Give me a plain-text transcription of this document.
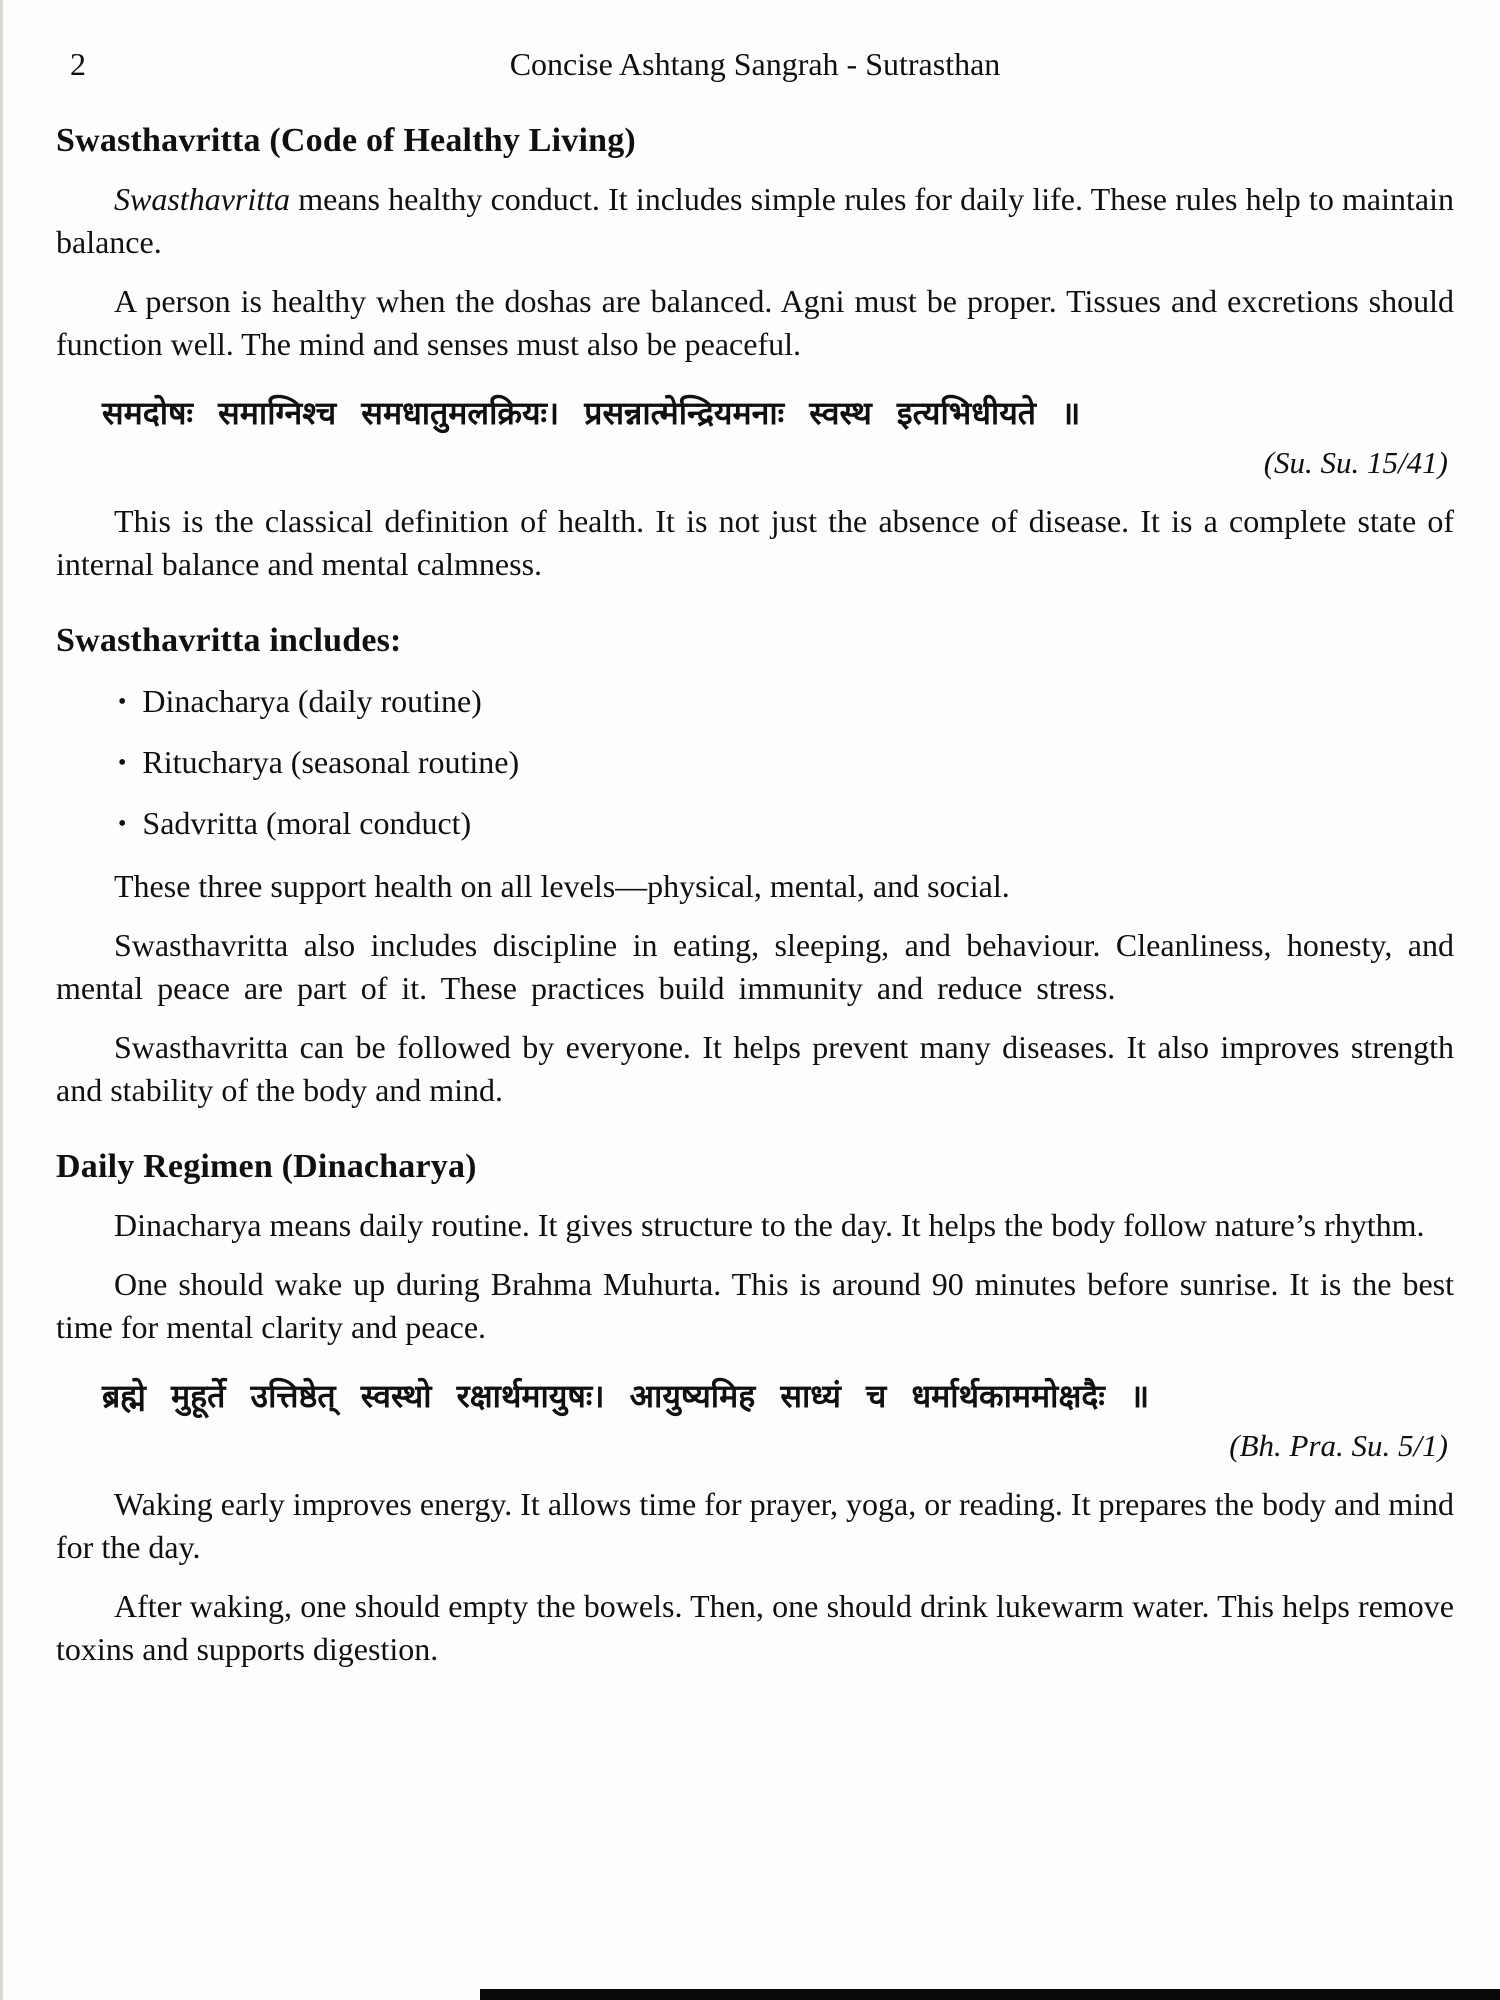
2	Concise Ashtang Sangrah - Sutrasthan
Swasthavritta (Code of Healthy Living)

Swasthavritta means healthy conduct. It includes simple rules for daily life. These rules help to maintain balance.

A person is healthy when the doshas are balanced. Agni must be proper. Tissues and excretions should function well. The mind and senses must also be peaceful.

समदोषः समाग्निश्च समधातुमलक्रियः। प्रसन्नात्मेन्द्रियमनाः स्वस्थ इत्यभिधीयते ॥
(Su. Su. 15/41)

This is the classical definition of health. It is not just the absence of disease. It is a complete state of internal balance and mental calmness.

Swasthavritta includes:
• Dinacharya (daily routine)
• Ritucharya (seasonal routine)
• Sadvritta (moral conduct)

These three support health on all levels—physical, mental, and social.

Swasthavritta also includes discipline in eating, sleeping, and behaviour. Cleanliness, honesty, and mental peace are part of it. These practices build immunity and reduce stress.

Swasthavritta can be followed by everyone. It helps prevent many diseases. It also improves strength and stability of the body and mind.

Daily Regimen (Dinacharya)

Dinacharya means daily routine. It gives structure to the day. It helps the body follow nature’s rhythm.

One should wake up during Brahma Muhurta. This is around 90 minutes before sunrise. It is the best time for mental clarity and peace.

ब्रह्मे मुहूर्ते उत्तिष्ठेत् स्वस्थो रक्षार्थमायुषः। आयुष्यमिह साध्यं च धर्मार्थकाममोक्षदैः ॥
(Bh. Pra. Su. 5/1)

Waking early improves energy. It allows time for prayer, yoga, or reading. It prepares the body and mind for the day.

After waking, one should empty the bowels. Then, one should drink lukewarm water. This helps remove toxins and supports digestion.
